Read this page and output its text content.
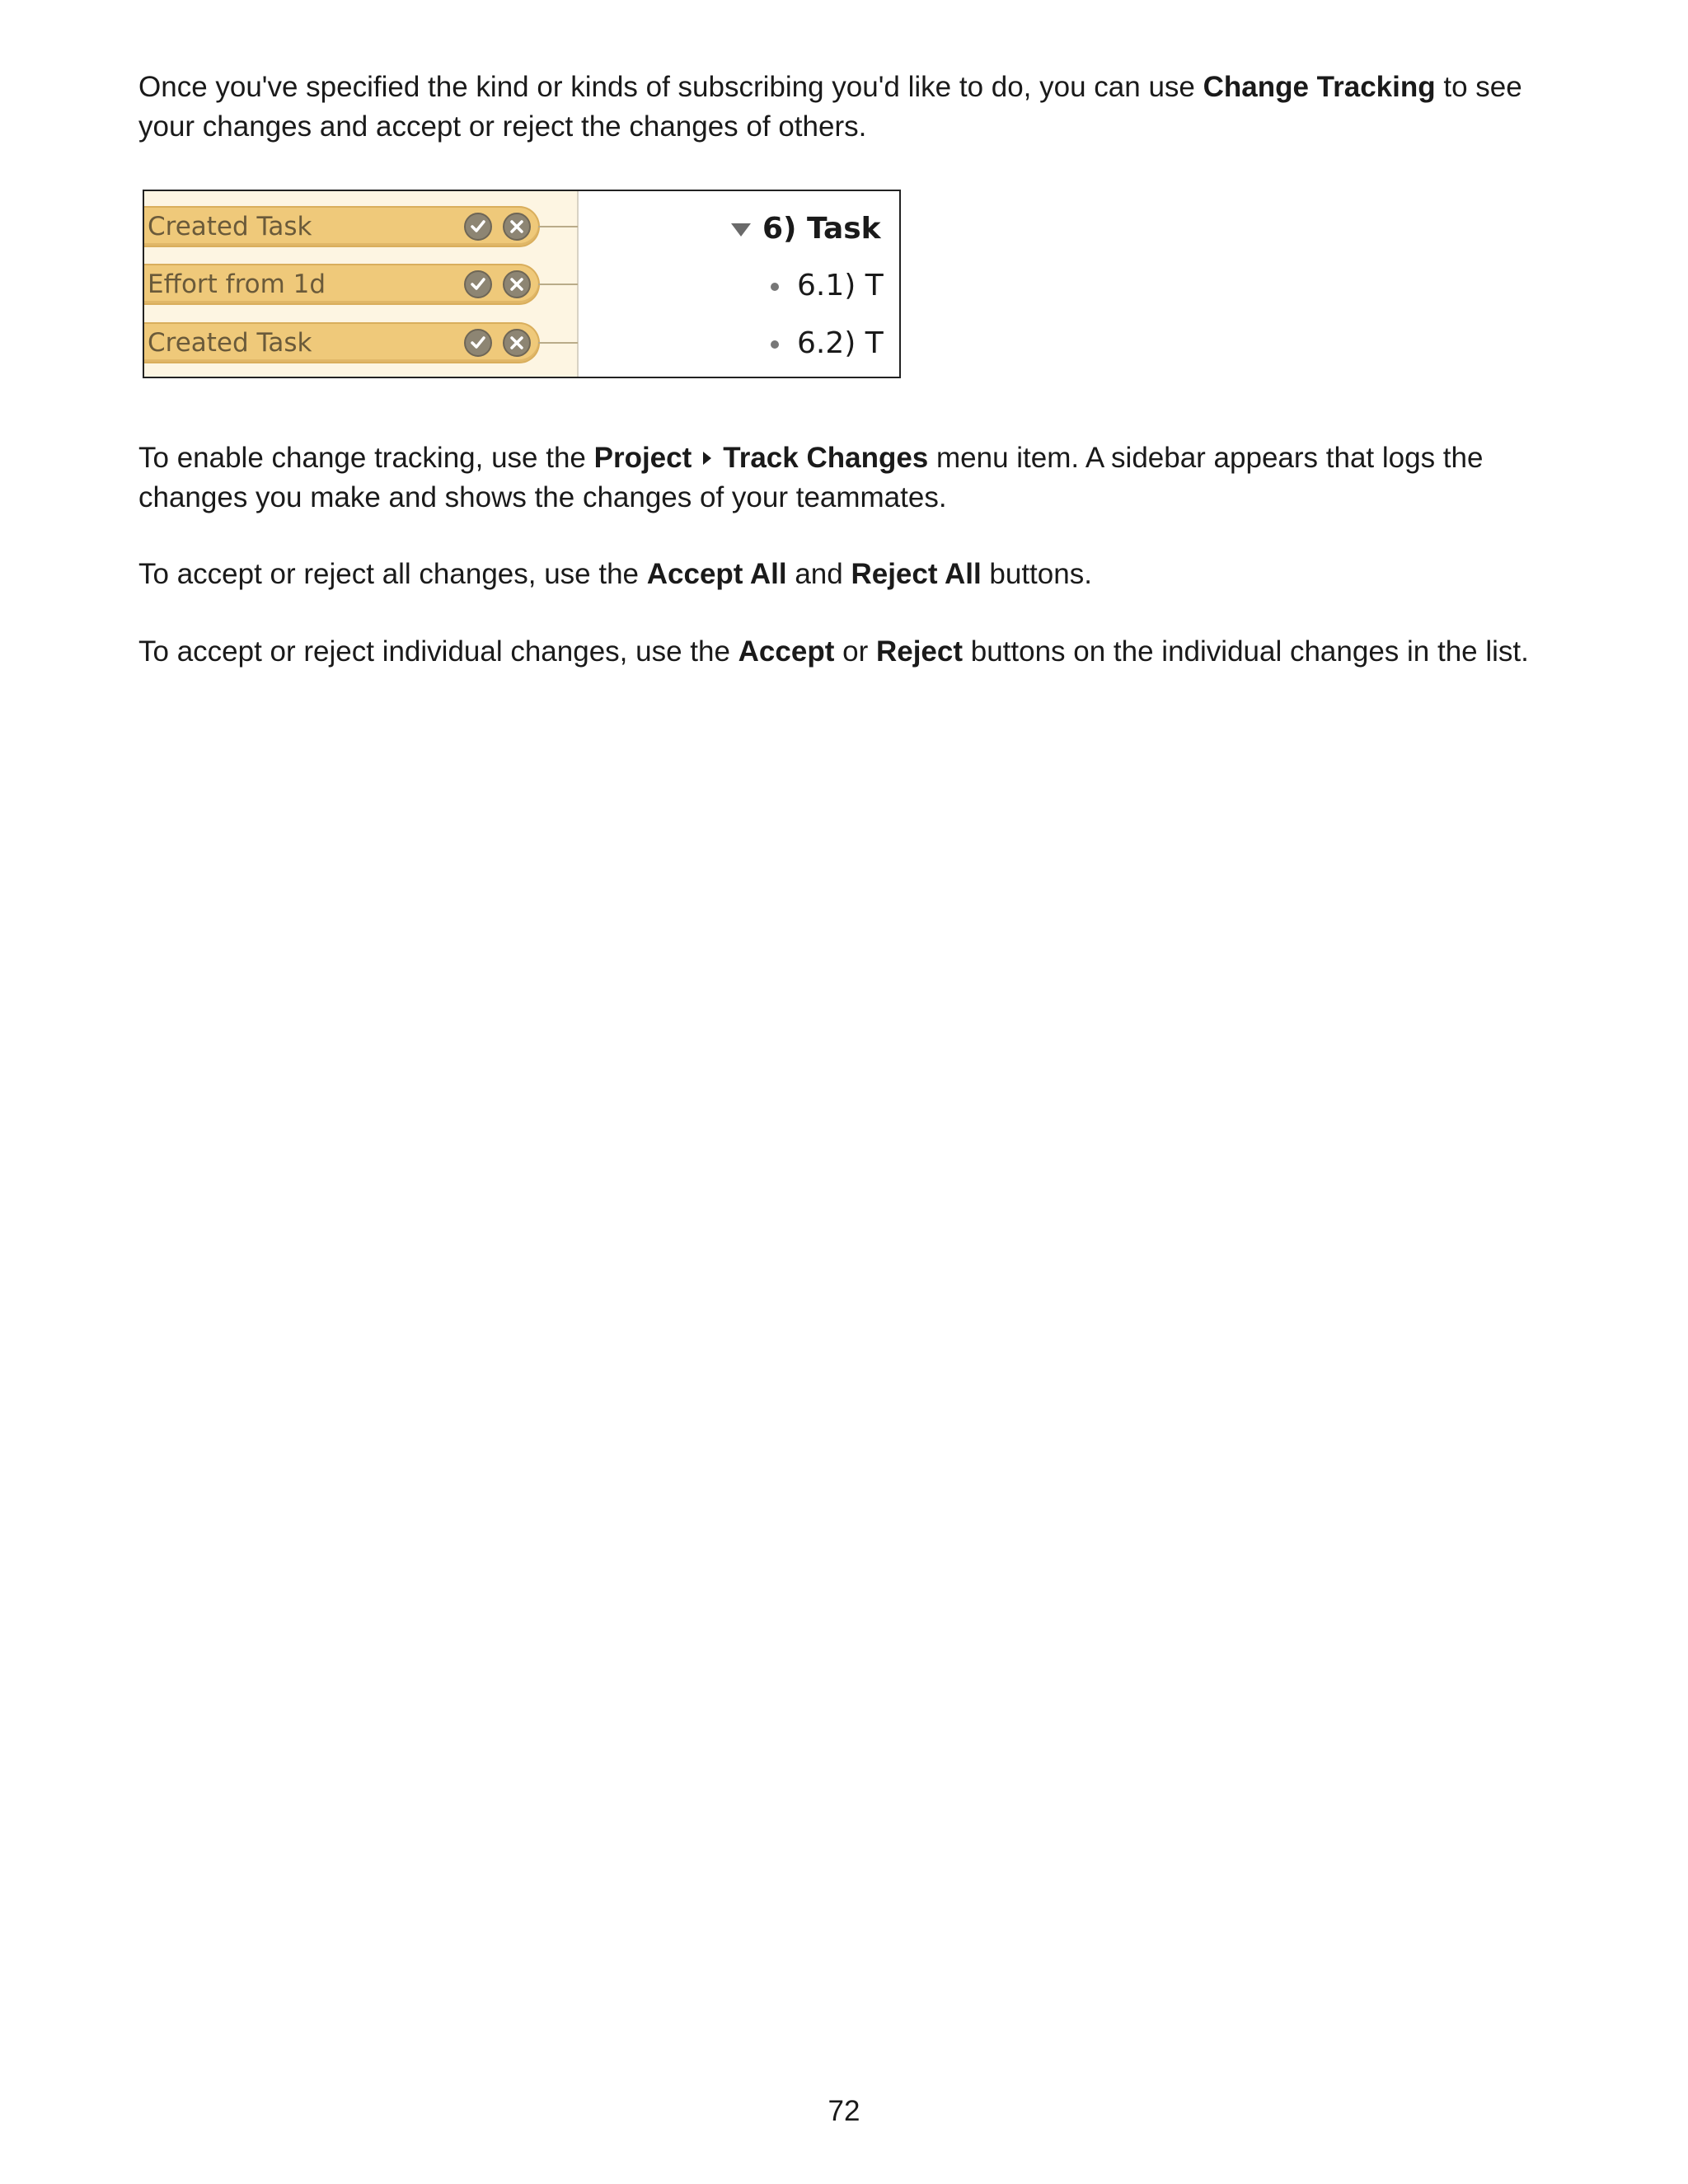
Once you've specified the kind or kinds of subscribing you'd like to do, you can use Change Tracking to see your changes and accept or reject the changes of others.

Created Task
Effort from 1d
Created Task
6) Task
6.1) T
6.2) T

To enable change tracking, use the Project Track Changes menu item. A sidebar appears that logs the changes you make and shows the changes of your teammates.

To accept or reject all changes, use the Accept All and Reject All buttons.

To accept or reject individual changes, use the Accept or Reject buttons on the individual changes in the list.

72
